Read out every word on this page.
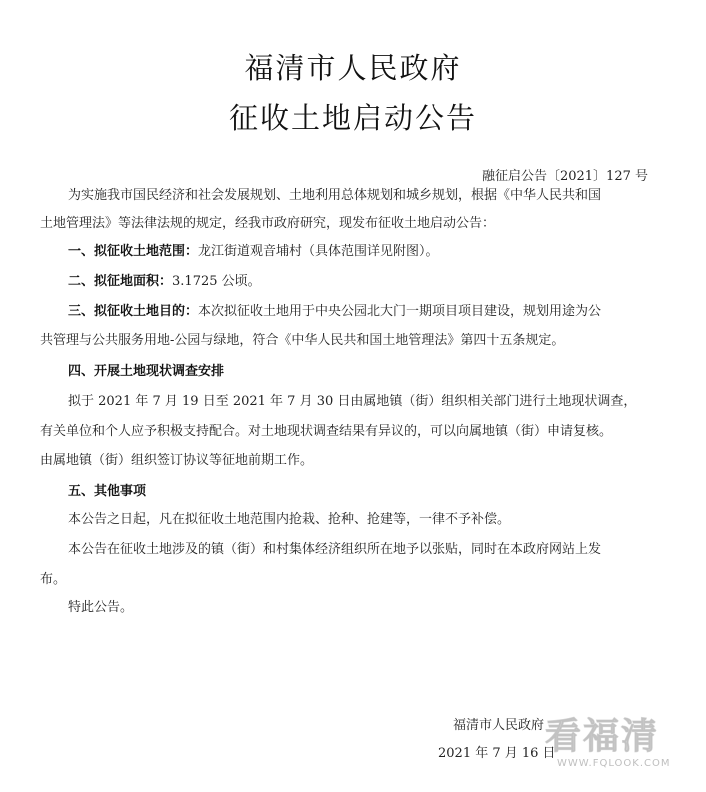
福清市人民政府
征收土地启动公告
融征启公告〔2021〕127 号
为实施我市国民经济和社会发展规划、土地利用总体规划和城乡规划，根据《中华人民共和国
土地管理法》等法律法规的规定，经我市政府研究，现发布征收土地启动公告：
一、拟征收土地范围：龙江街道观音埔村（具体范围详见附图）。
二、拟征地面积：3.1725 公顷。
三、拟征收土地目的：本次拟征收土地用于中央公园北大门一期项目项目建设，规划用途为公
共管理与公共服务用地-公园与绿地，符合《中华人民共和国土地管理法》第四十五条规定。
四、开展土地现状调查安排
拟于 2021 年 7 月 19 日至 2021 年 7 月 30 日由属地镇（街）组织相关部门进行土地现状调查，
有关单位和个人应予积极支持配合。对土地现状调查结果有异议的，可以向属地镇（街）申请复核。
由属地镇（街）组织签订协议等征地前期工作。
五、其他事项
本公告之日起，凡在拟征收土地范围内抢栽、抢种、抢建等，一律不予补偿。
本公告在征收土地涉及的镇（街）和村集体经济组织所在地予以张贴，同时在本政府网站上发
布。
特此公告。
福清市人民政府
2021 年 7 月 16 日
看福清
WWW.FQLOOK.COM
